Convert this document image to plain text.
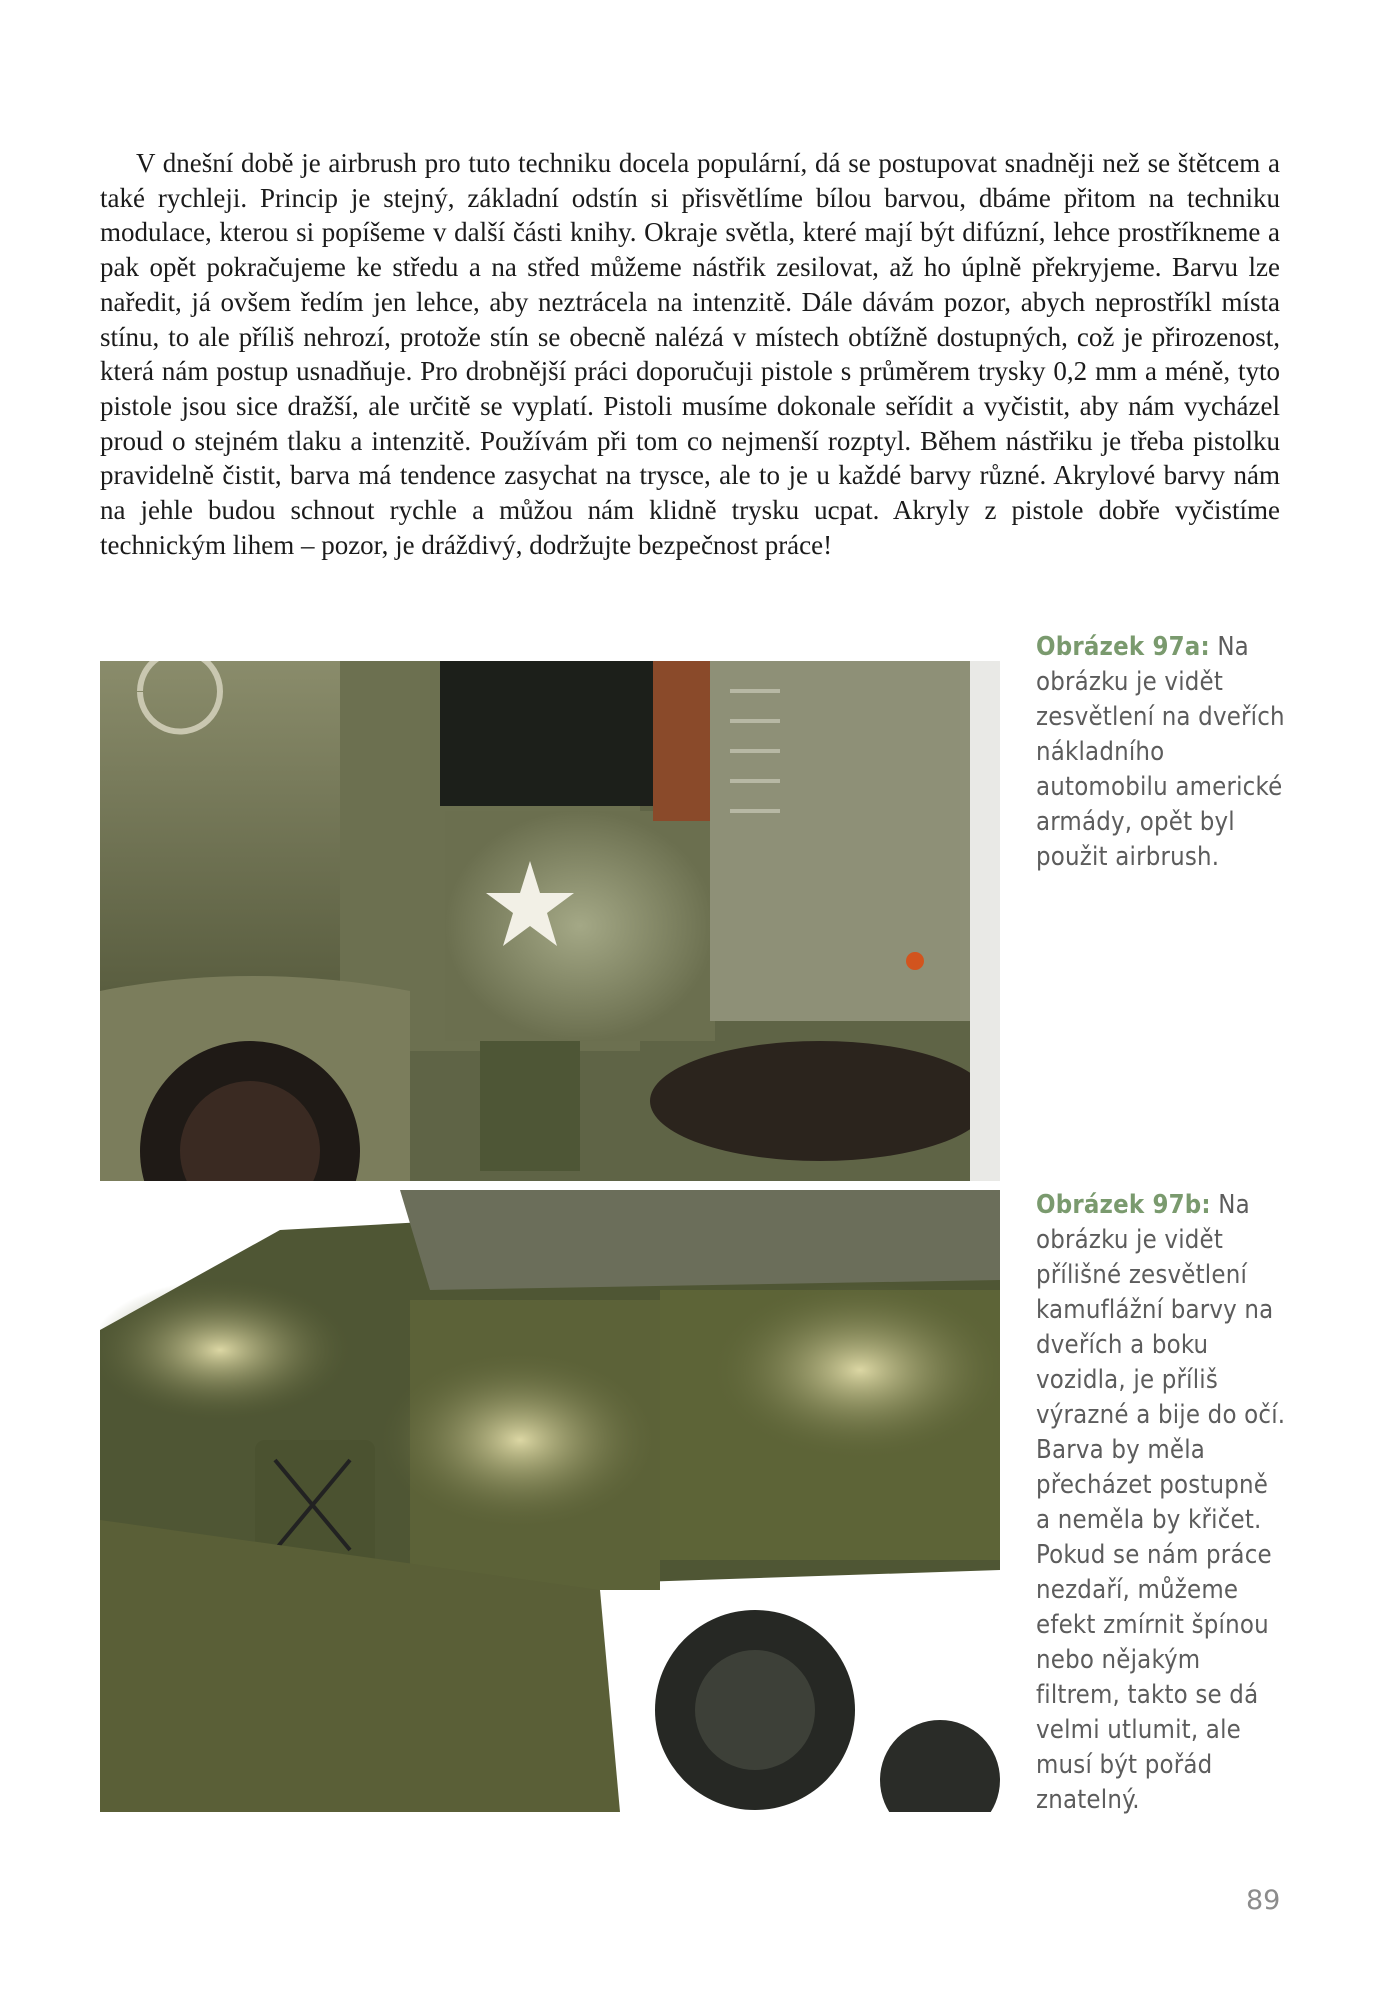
V dnešní době je airbrush pro tuto techniku docela populární, dá se postupovat snadněji než se štětcem a také rychleji. Princip je stejný, základní odstín si přisvětlíme bílou barvou, dbáme přitom na techniku modulace, kterou si popíšeme v další části knihy. Okraje světla, které mají být difúzní, lehce prostříkneme a pak opět pokračujeme ke středu a na střed můžeme nástřik zesilovat, až ho úplně překryjeme. Barvu lze naředit, já ovšem ředím jen lehce, aby neztrácela na intenzitě. Dále dávám pozor, abych neprostříkl místa stínu, to ale příliš nehrozí, protože stín se obecně nalézá v místech obtížně dostupných, což je přirozenost, která nám postup usnadňuje. Pro drobnější práci doporučuji pistole s průměrem trysky 0,2 mm a méně, tyto pistole jsou sice dražší, ale určitě se vyplatí. Pistoli musíme dokonale seřídit a vyčistit, aby nám vycházel proud o stejném tlaku a intenzitě. Používám při tom co nejmenší rozptyl. Během nástřiku je třeba pistolku pravidelně čistit, barva má tendence zasychat na trysce, ale to je u každé barvy různé. Akrylové barvy nám na jehle budou schnout rychle a můžou nám klidně trysku ucpat. Akryly z pistole dobře vyčistíme technickým lihem – pozor, je dráždivý, dodržujte bezpečnost práce!

Obrázek 97a: Na obrázku je vidět zesvětlení na dveřích nákladního automobilu americké armády, opět byl použit airbrush.
Obrázek 97b: Na obrázku je vidět přílišné zesvětlení kamuflážní barvy na dveřích a boku vozidla, je příliš výrazné a bije do očí. Barva by měla přecházet postupně a neměla by křičet. Pokud se nám práce nezdaří, můžeme efekt zmírnit špínou nebo nějakým filtrem, takto se dá velmi utlumit, ale musí být pořád znatelný.
89
